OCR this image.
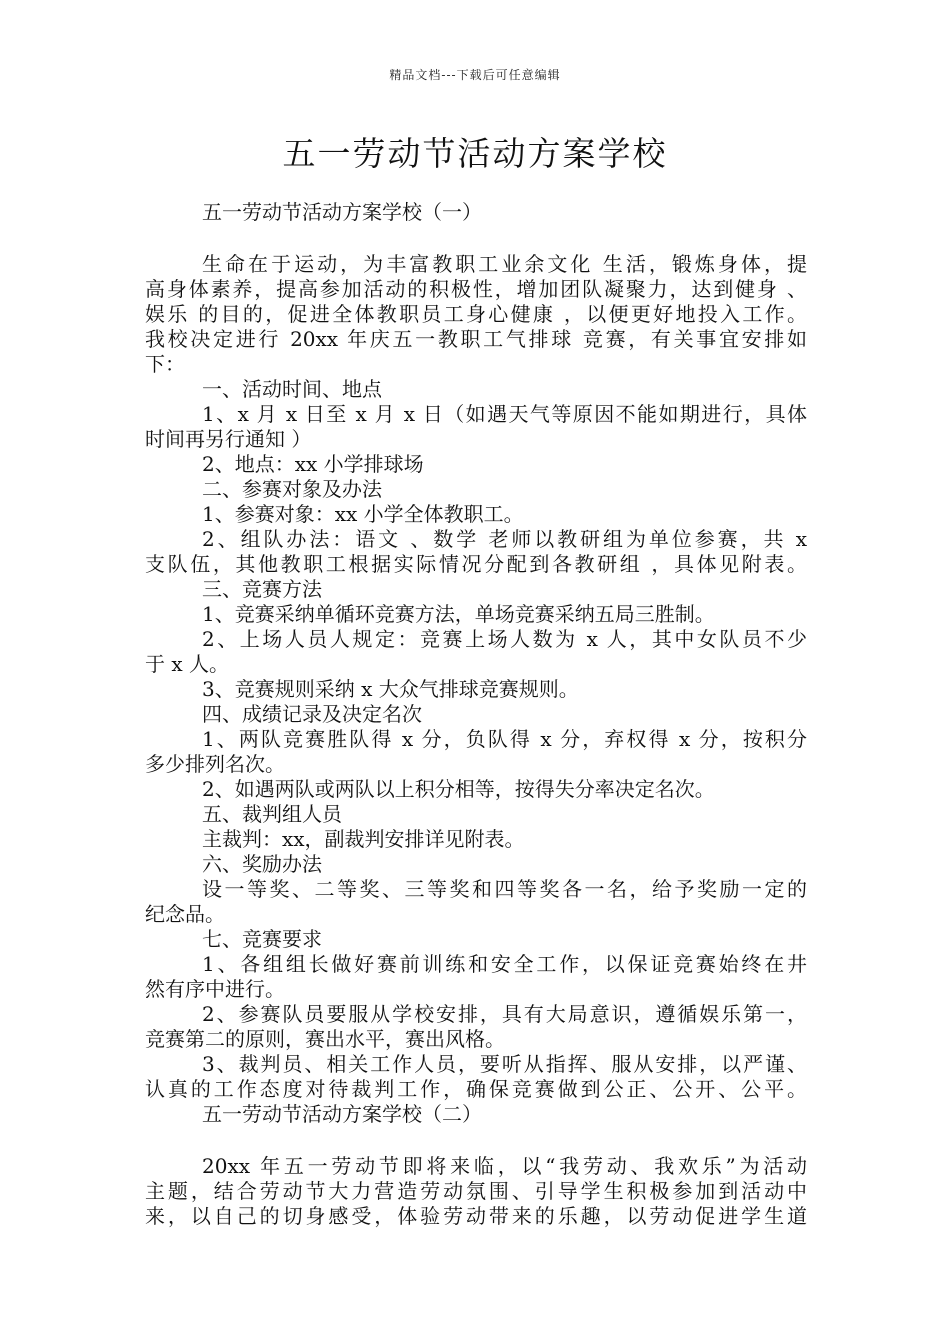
精品文档---下载后可任意编辑
五一劳动节活动方案学校
五一劳动节活动方案学校（一）
生命在于运动，为丰富教职工业余文化 生活，锻炼身体，提
高身体素养，提高参加活动的积极性，增加团队凝聚力，达到健身 、
娱乐 的目的，促进全体教职员工身心健康 ，以便更好地投入工作。
我校决定进行 20xx 年庆五一教职工气排球 竞赛，有关事宜安排如
下：
一、活动时间、地点
1、x 月 x 日至 x 月 x 日（如遇天气等原因不能如期进行，具体
时间再另行通知 ）
2、地点：xx 小学排球场
二、参赛对象及办法
1、参赛对象：xx 小学全体教职工。
2、组队办法：语文 、数学 老师以教研组为单位参赛，共 x
支队伍，其他教职工根据实际情况分配到各教研组 ，具体见附表。
三、竞赛方法
1、竞赛采纳单循环竞赛方法，单场竞赛采纳五局三胜制。
2、上场人员人规定：竞赛上场人数为 x 人，其中女队员不少
于 x 人。
3、竞赛规则采纳 x 大众气排球竞赛规则。
四、成绩记录及决定名次
1、两队竞赛胜队得 x 分，负队得 x 分，弃权得 x 分，按积分
多少排列名次。
2、如遇两队或两队以上积分相等，按得失分率决定名次。
五、裁判组人员
主裁判：xx，副裁判安排详见附表。
六、奖励办法
设一等奖、二等奖、三等奖和四等奖各一名，给予奖励一定的
纪念品。
七、竞赛要求
1、各组组长做好赛前训练和安全工作，以保证竞赛始终在井
然有序中进行。
2、参赛队员要服从学校安排，具有大局意识，遵循娱乐第一，
竞赛第二的原则，赛出水平，赛出风格。
3、裁判员、相关工作人员，要听从指挥、服从安排，以严谨、
认真的工作态度对待裁判工作，确保竞赛做到公正、公开、公平。
五一劳动节活动方案学校（二）
20xx 年五一劳动节即将来临，以“我劳动、我欢乐”为活动
主题，结合劳动节大力营造劳动氛围、引导学生积极参加到活动中
来，以自己的切身感受，体验劳动带来的乐趣，以劳动促进学生道
